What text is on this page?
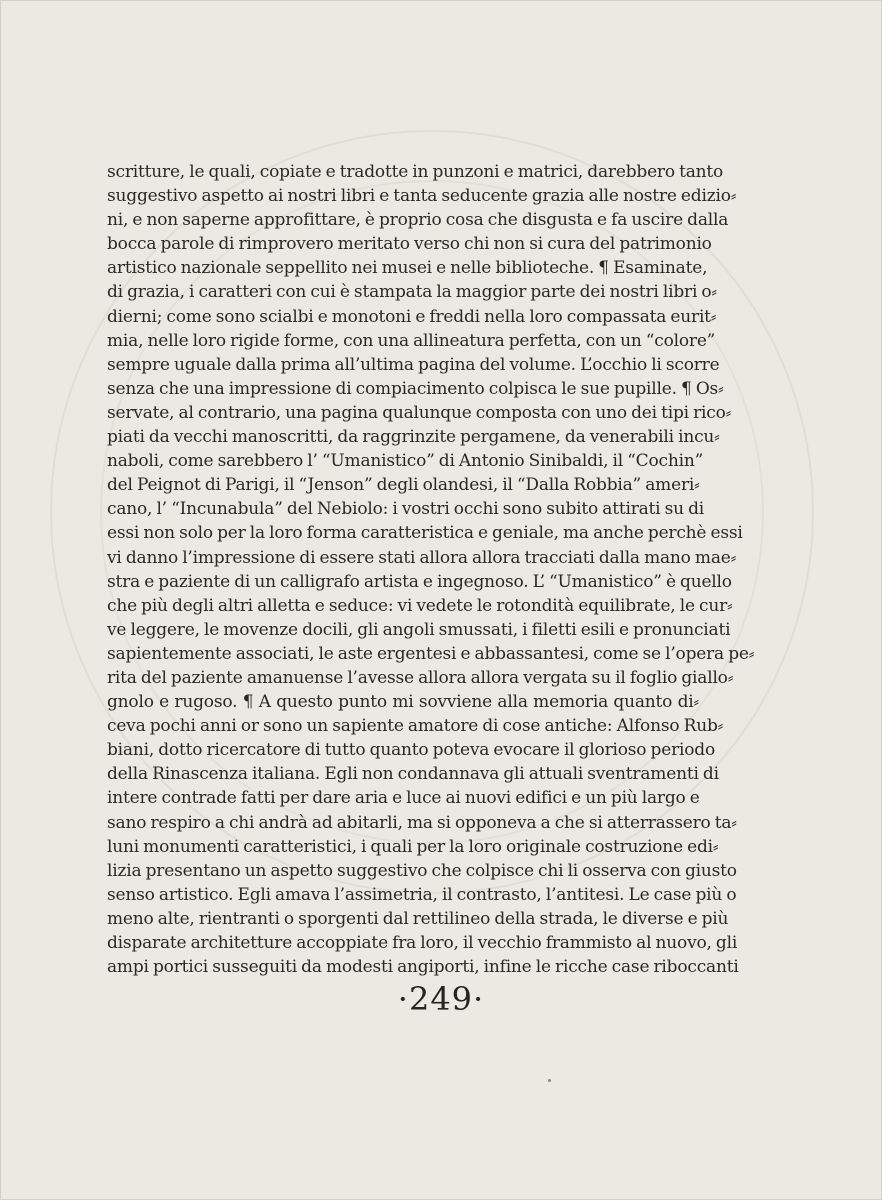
scritture, le quali, copiate e tradotte in punzoni e matrici, darebbero tanto
suggestivo aspetto ai nostri libri e tanta seducente grazia alle nostre edizio⸗
ni, e non saperne approfittare, è proprio cosa che disgusta e fa uscire dalla
bocca parole di rimprovero meritato verso chi non si cura del patrimonio
artistico nazionale seppellito nei musei e nelle biblioteche. ¶ Esaminate,
di grazia, i caratteri con cui è stampata la maggior parte dei nostri libri o⸗
dierni; come sono scialbi e monotoni e freddi nella loro compassata eurit⸗
mia, nelle loro rigide forme, con una allineatura perfetta, con un “colore”
sempre uguale dalla prima all’ultima pagina del volume. L’occhio li scorre
senza che una impressione di compiacimento colpisca le sue pupille. ¶ Os⸗
servate, al contrario, una pagina qualunque composta con uno dei tipi rico⸗
piati da vecchi manoscritti, da raggrinzite pergamene, da venerabili incu⸗
naboli, come sarebbero l’ “Umanistico” di Antonio Sinibaldi, il “Cochin”
del Peignot di Parigi, il “Jenson” degli olandesi, il “Dalla Robbia” ameri⸗
cano, l’ “Incunabula” del Nebiolo: i vostri occhi sono subito attirati su di
essi non solo per la loro forma caratteristica e geniale, ma anche perchè essi
vi danno l’impressione di essere stati allora allora tracciati dalla mano mae⸗
stra e paziente di un calligrafo artista e ingegnoso. L’ “Umanistico” è quello
che più degli altri alletta e seduce: vi vedete le rotondità equilibrate, le cur⸗
ve leggere, le movenze docili, gli angoli smussati, i filetti esili e pronunciati
sapientemente associati, le aste ergentesi e abbassantesi, come se l’opera pe⸗
rita del paziente amanuense l’avesse allora allora vergata su il foglio giallo⸗
gnolo e rugoso. ¶ A questo punto mi sovviene alla memoria quanto di⸗
ceva pochi anni or sono un sapiente amatore di cose antiche: Alfonso Rub⸗
biani, dotto ricercatore di tutto quanto poteva evocare il glorioso periodo
della Rinascenza italiana. Egli non condannava gli attuali sventramenti di
intere contrade fatti per dare aria e luce ai nuovi edifici e un più largo e
sano respiro a chi andrà ad abitarli, ma si opponeva a che si atterrassero ta⸗
luni monumenti caratteristici, i quali per la loro originale costruzione edi⸗
lizia presentano un aspetto suggestivo che colpisce chi li osserva con giusto
senso artistico. Egli amava l’assimetria, il contrasto, l’antitesi. Le case più o
meno alte, rientranti o sporgenti dal rettilineo della strada, le diverse e più
disparate architetture accoppiate fra loro, il vecchio frammisto al nuovo, gli
ampi portici susseguiti da modesti angiporti, infine le ricche case riboccanti
·249·
